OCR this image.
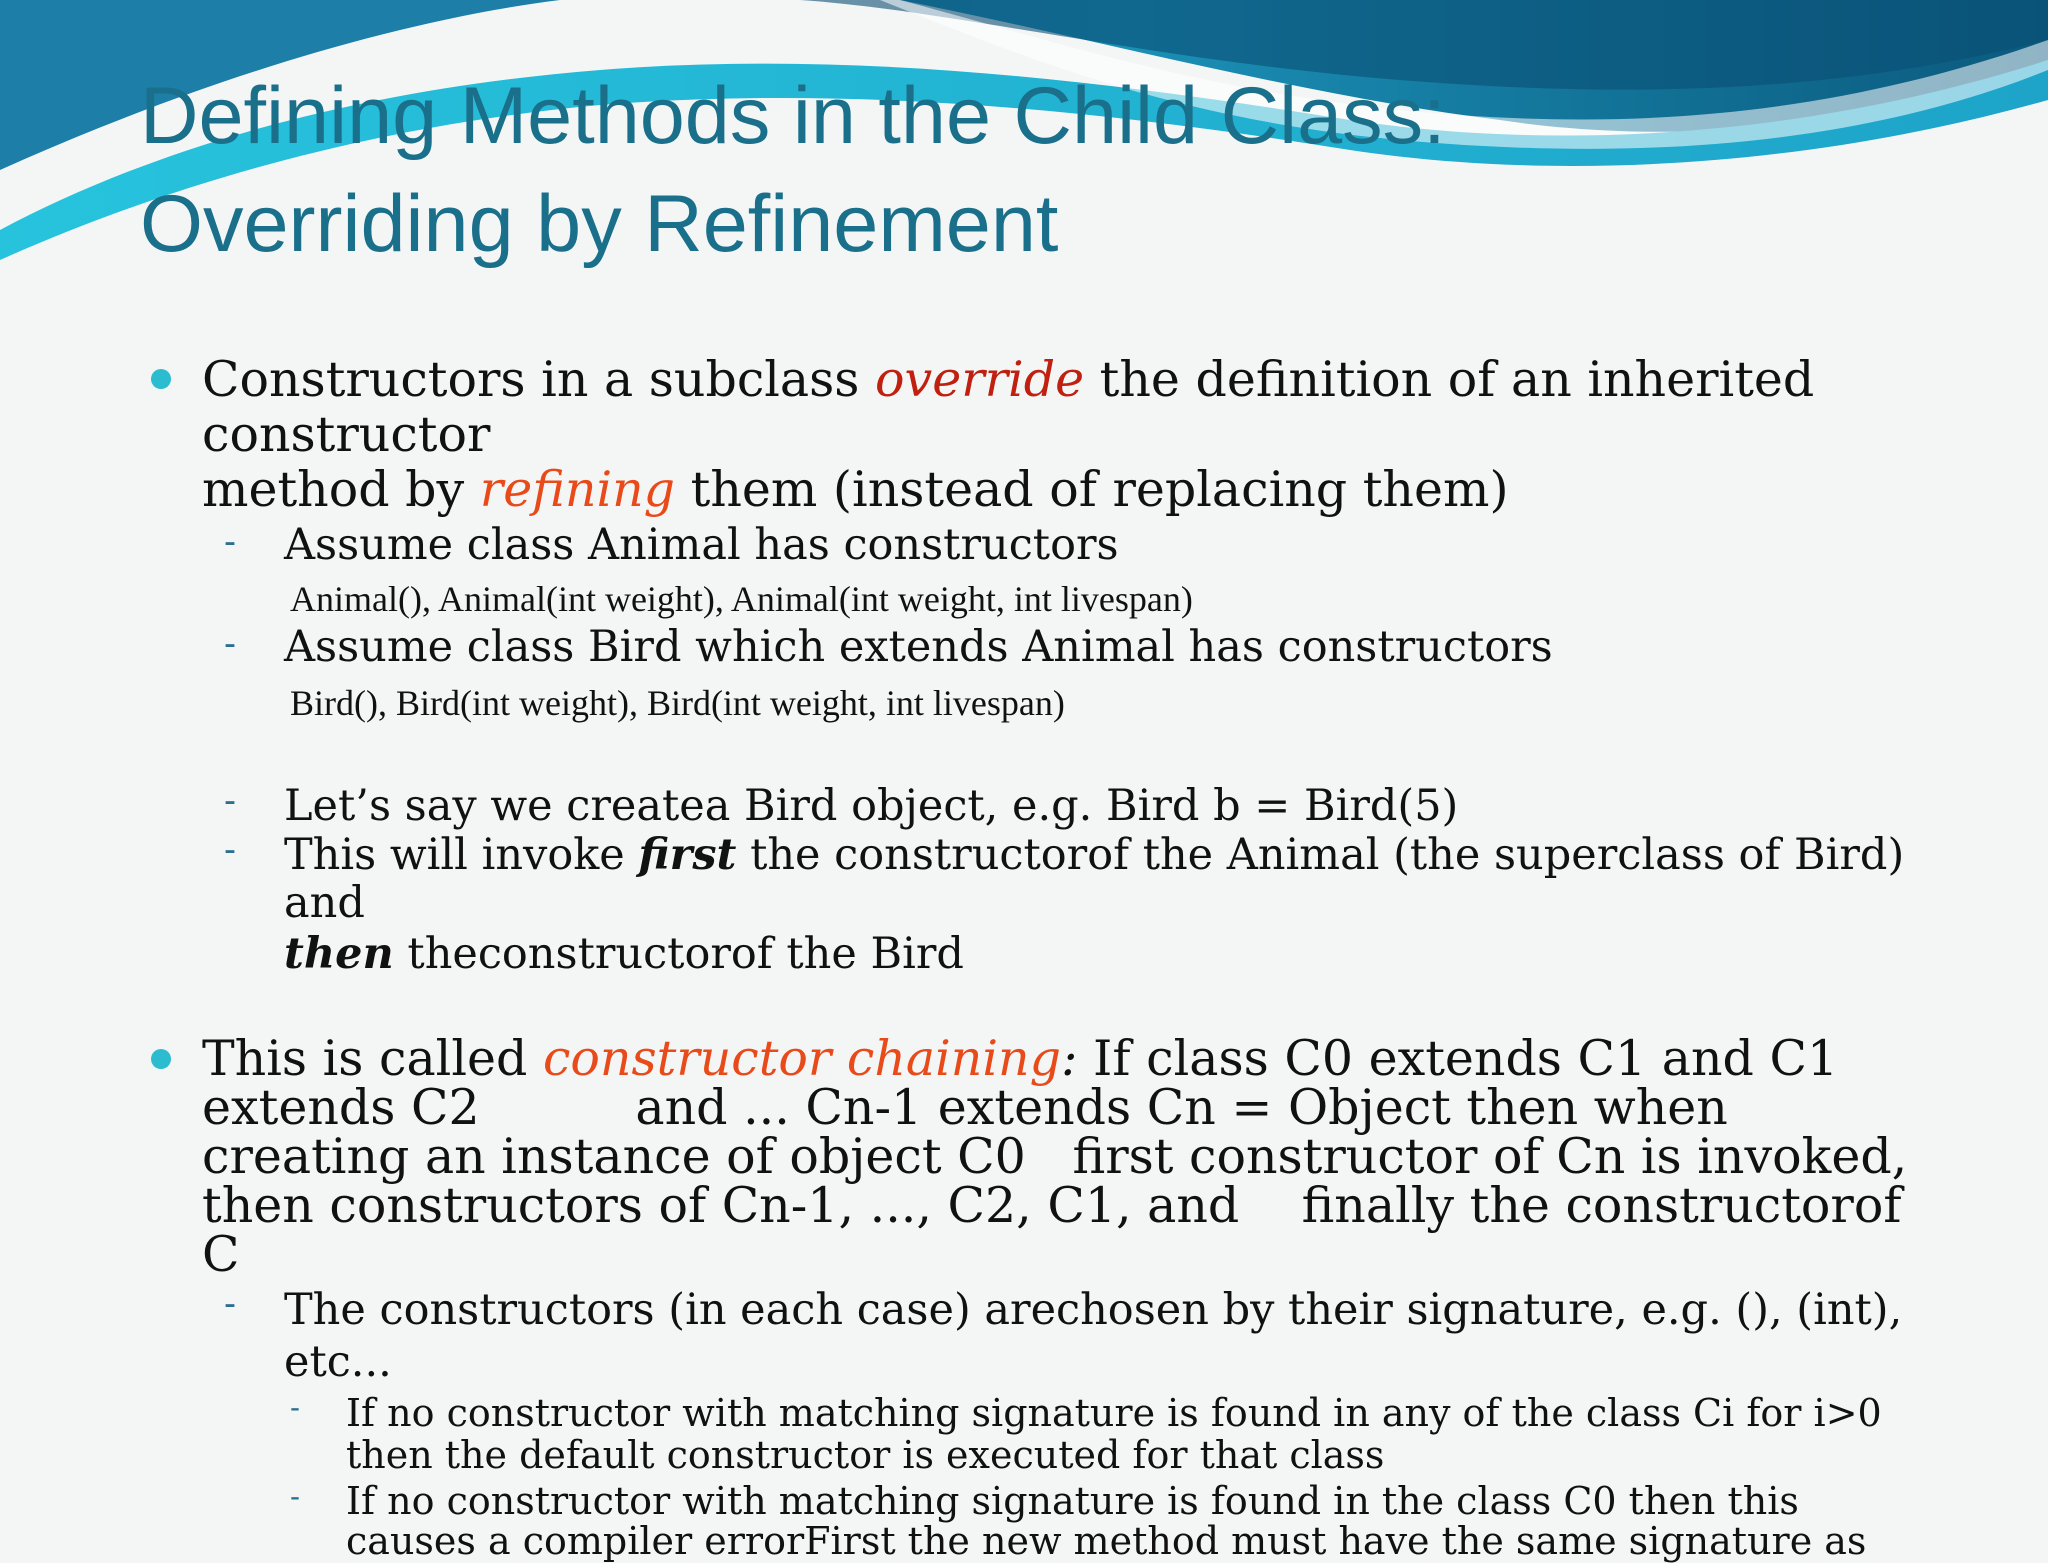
Defining Methods in the Child Class:
Overriding by Refinement
Constructors in a subclass override the definition of an inherited
constructor
method by refining them (instead of replacing them)
- Assume class Animal has constructors
Animal(), Animal(int weight), Animal(int weight, int livespan)
- Assume class Bird which extends Animal has constructors
Bird(), Bird(int weight), Bird(int weight, int livespan)
- Let’s say we createa Bird object, e.g. Bird b = Bird(5)
- This will invoke first the constructorof the Animal (the superclass of Bird)
and
then theconstructorof the Bird
This is called constructor chaining: If class C0 extends C1 and C1
extends C2          and ... Cn-1 extends Cn = Object then when
creating an instance of object C0   first constructor of Cn is invoked,
then constructors of Cn-1, ..., C2, C1, and    finally the constructorof
C
- The constructors (in each case) arechosen by their signature, e.g. (), (int),
etc...
- If no constructor with matching signature is found in any of the class Ci for i>0
then the default constructor is executed for that class
- If no constructor with matching signature is found in the class C0 then this
causes a compiler errorFirst the new method must have the same signature as
